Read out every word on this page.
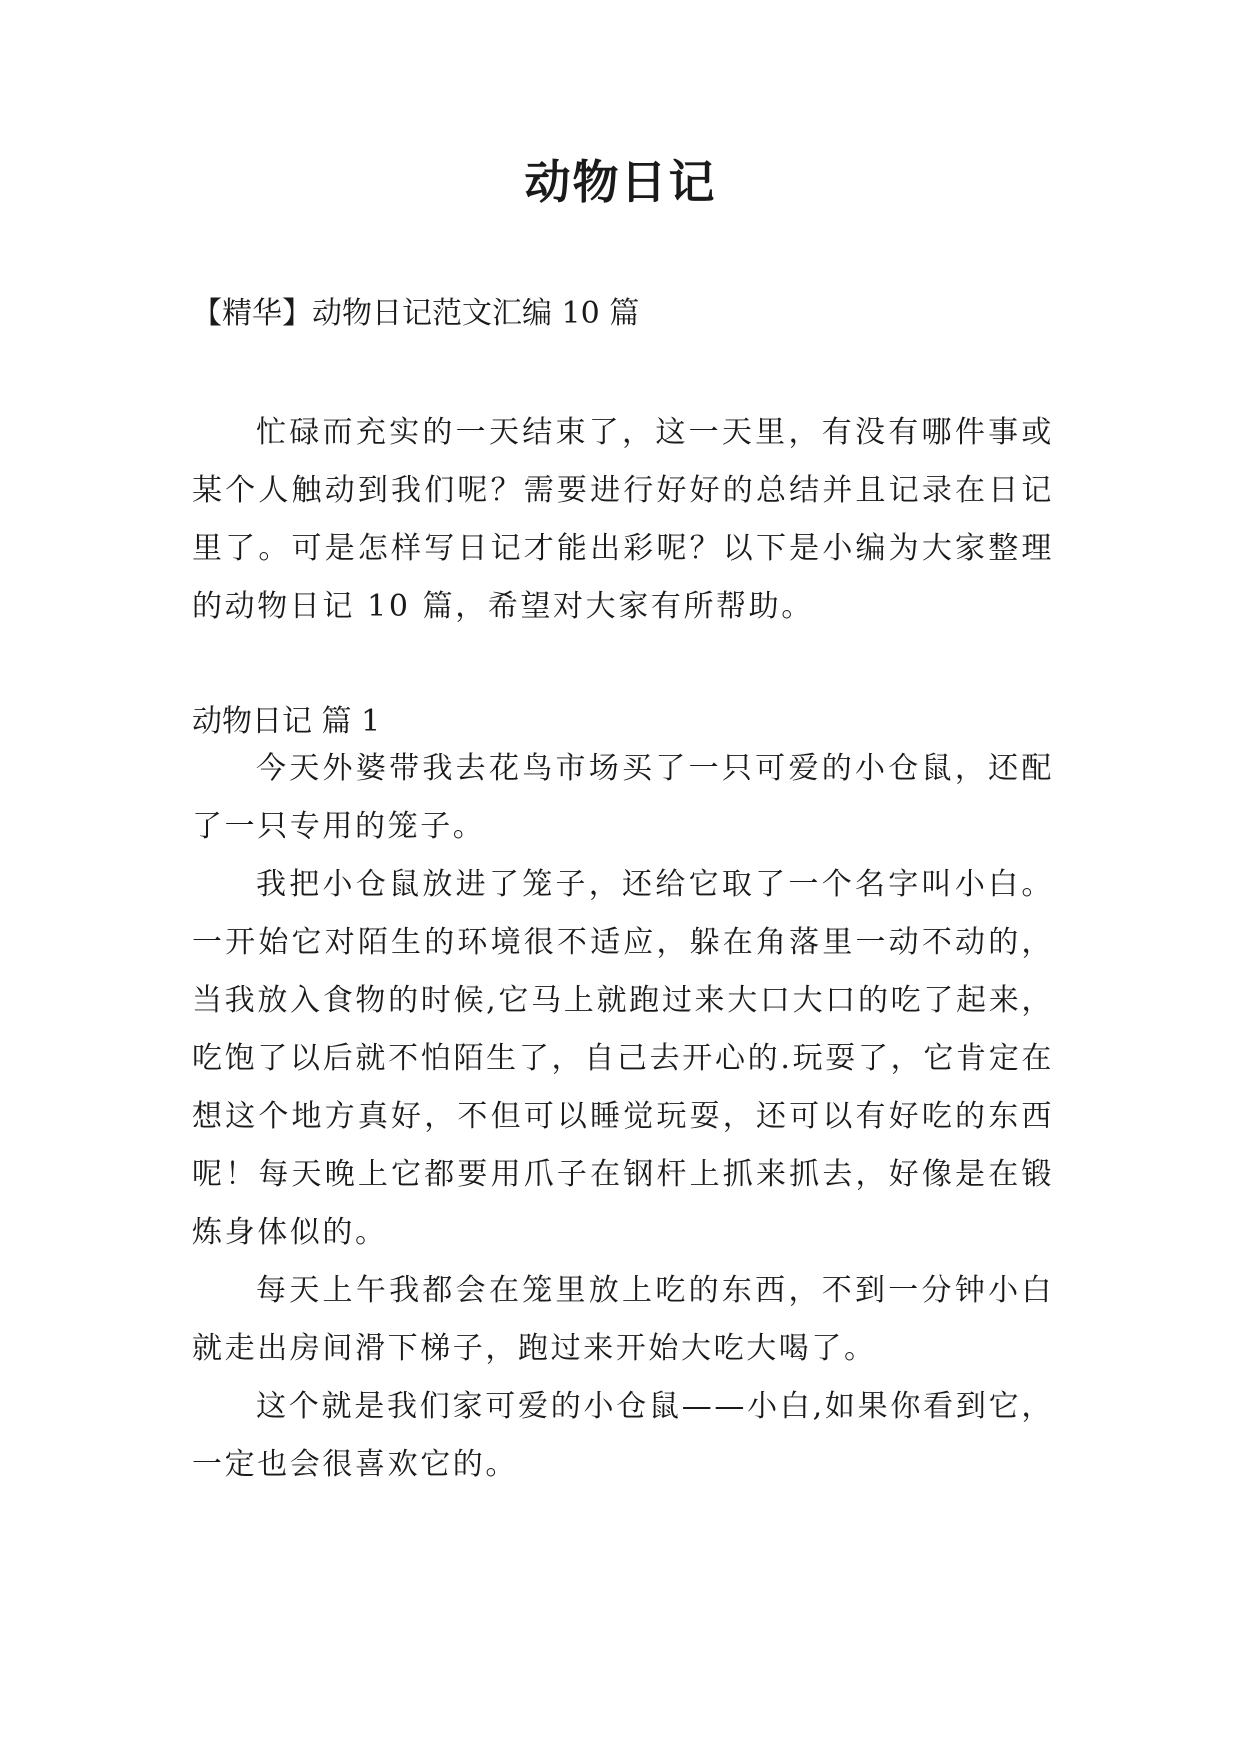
动物日记
【精华】动物日记范文汇编 10 篇
忙碌而充实的一天结束了，这一天里，有没有哪件事或某个人触动到我们呢？需要进行好好的总结并且记录在日记里了。可是怎样写日记才能出彩呢？以下是小编为大家整理的动物日记 10 篇，希望对大家有所帮助。
动物日记 篇 1

今天外婆带我去花鸟市场买了一只可爱的小仓鼠，还配了一只专用的笼子。

我把小仓鼠放进了笼子，还给它取了一个名字叫小白。一开始它对陌生的环境很不适应，躲在角落里一动不动的，当我放入食物的时候,它马上就跑过来大口大口的吃了起来，吃饱了以后就不怕陌生了，自己去开心的.玩耍了，它肯定在想这个地方真好，不但可以睡觉玩耍，还可以有好吃的东西呢！每天晚上它都要用爪子在钢杆上抓来抓去，好像是在锻炼身体似的。

每天上午我都会在笼里放上吃的东西，不到一分钟小白就走出房间滑下梯子，跑过来开始大吃大喝了。

这个就是我们家可爱的小仓鼠——小白,如果你看到它，一定也会很喜欢它的。
